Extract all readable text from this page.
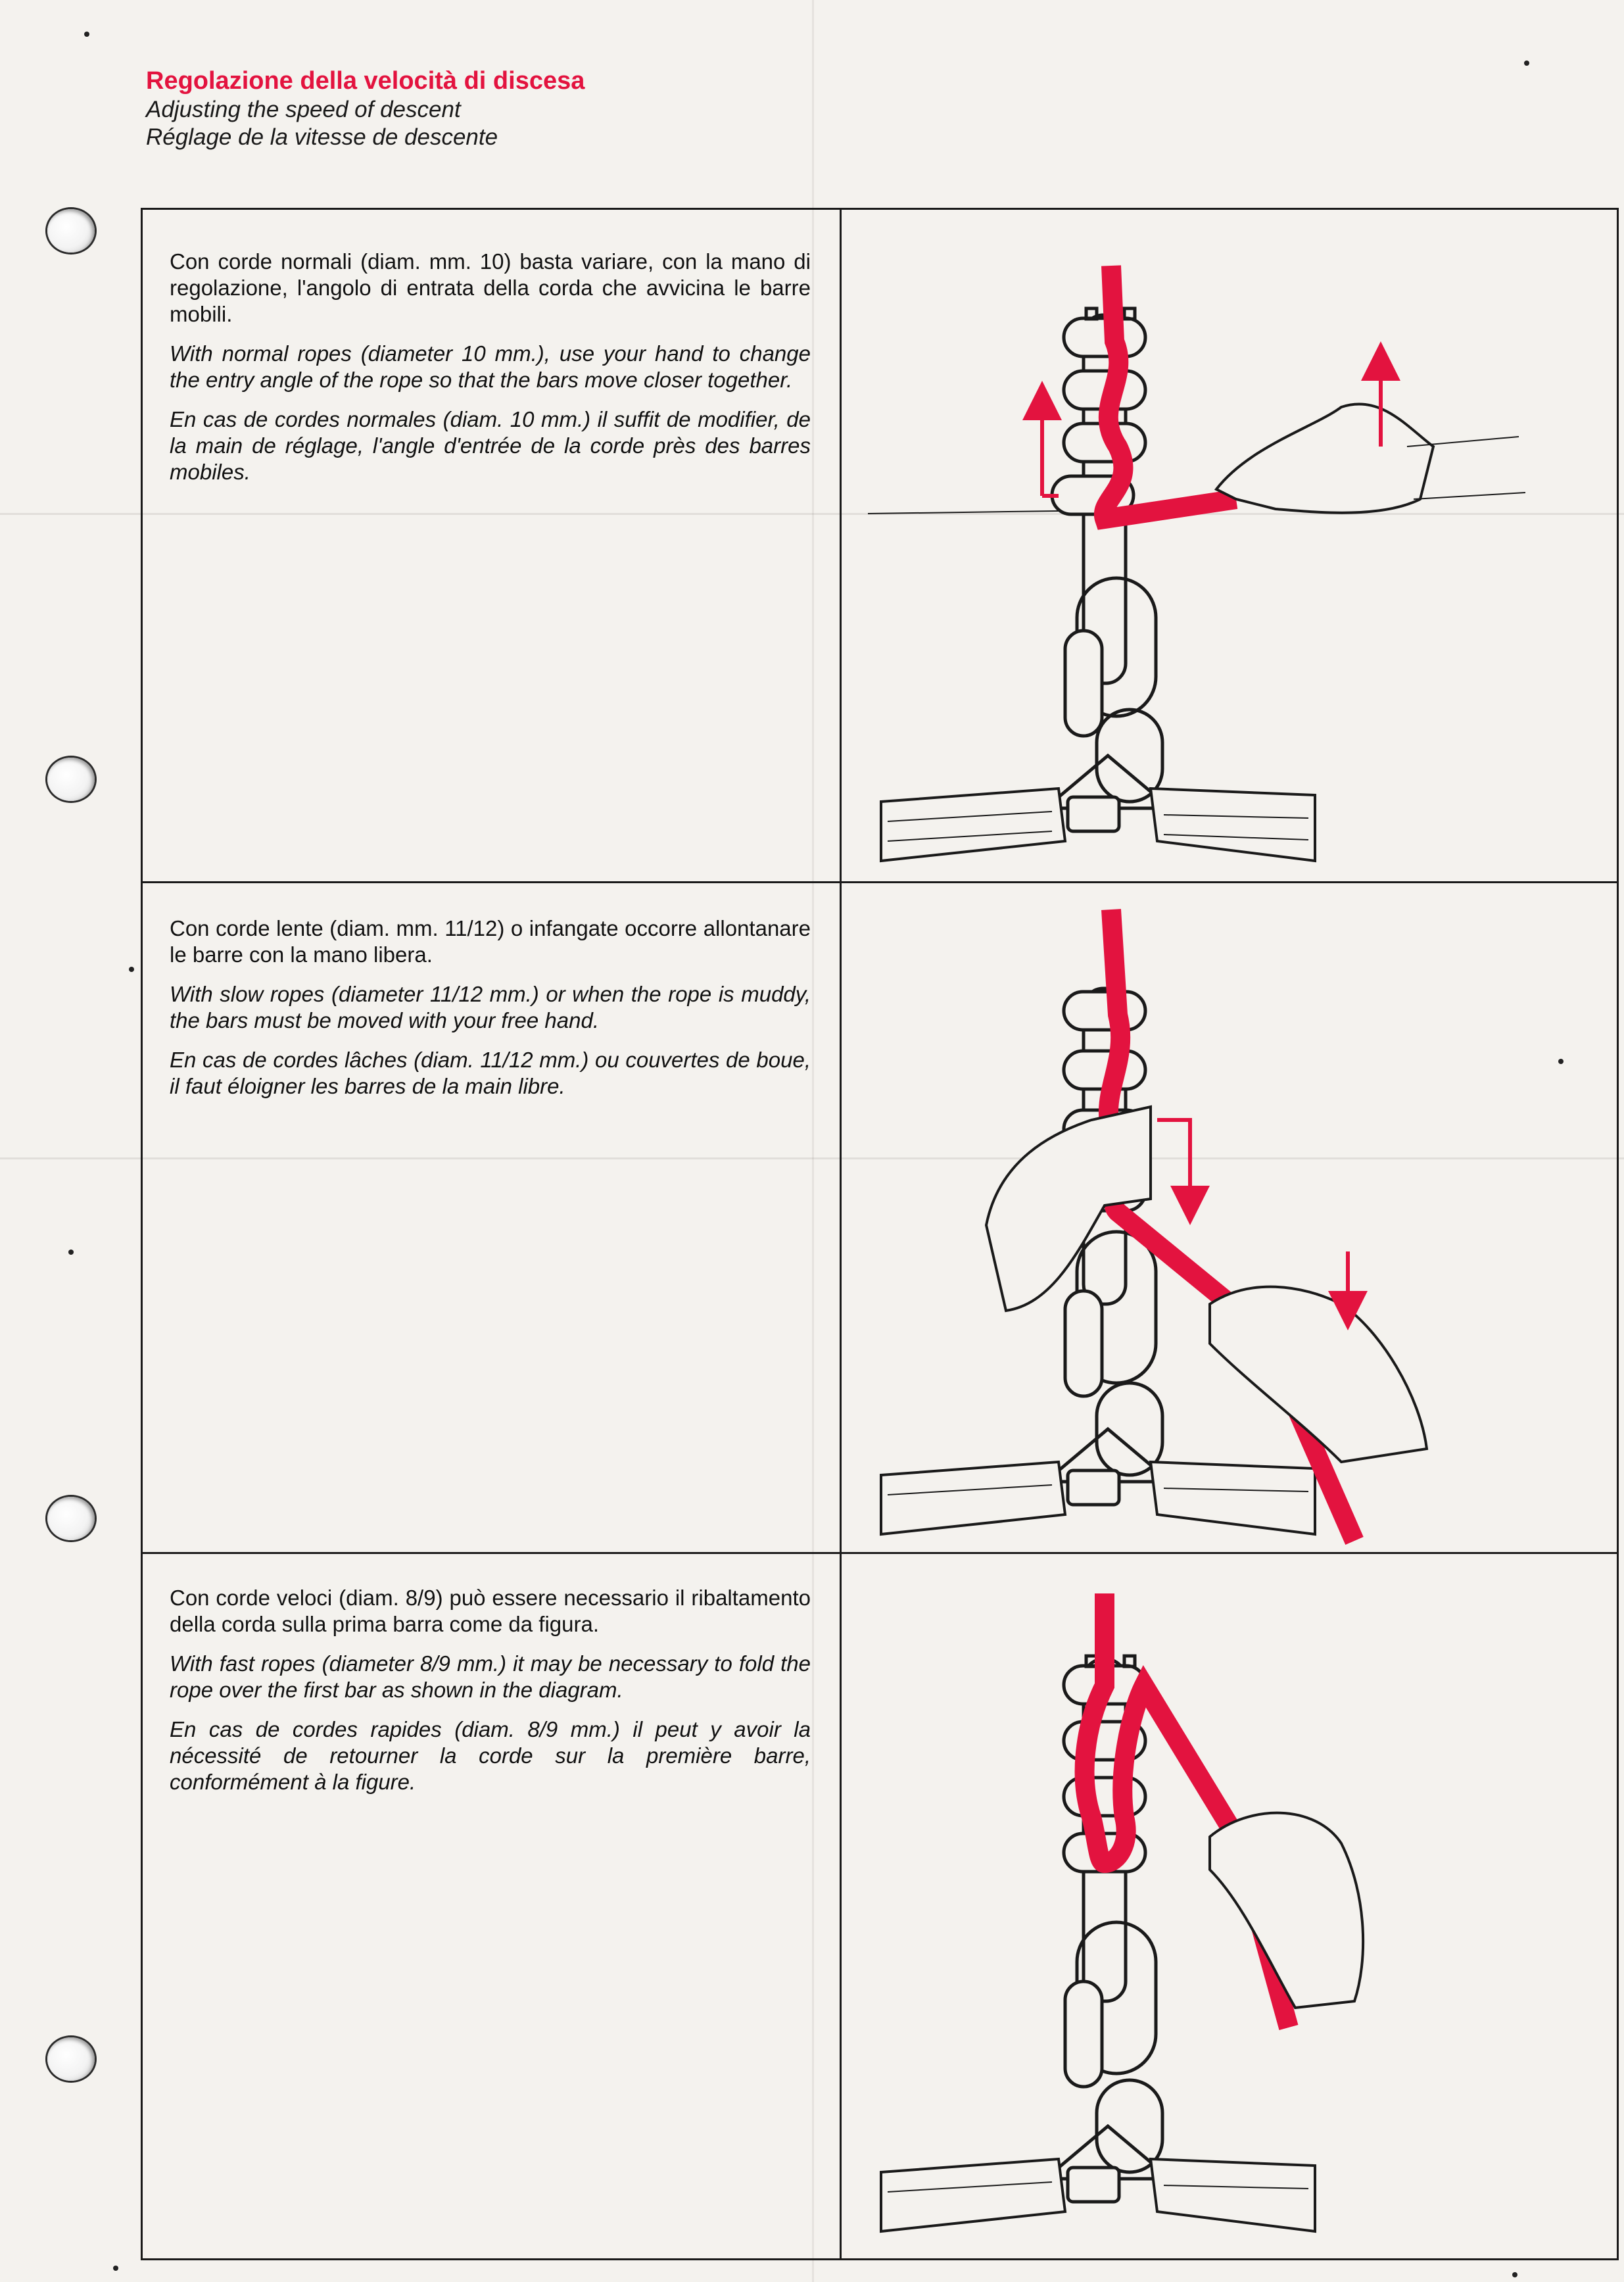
Regolazione della velocità di discesa
Adjusting the speed of descent
Réglage de la vitesse de descente

Con corde normali (diam. mm. 10) basta variare, con la mano di regolazione, l'angolo di entrata della corda che avvicina le barre mobili.

With normal ropes (diameter 10 mm.), use your hand to change the entry angle of the rope so that the bars move closer together.

En cas de cordes normales (diam. 10 mm.) il suffit de modifier, de la main de réglage, l'angle d'entrée de la corde près des barres mobiles.

Con corde lente (diam. mm. 11/12) o infangate occorre allontanare le barre con la mano libera.

With slow ropes (diameter 11/12 mm.) or when the rope is muddy, the bars must be moved with your free hand.

En cas de cordes lâches (diam. 11/12 mm.) ou couvertes de boue, il faut éloigner les barres de la main libre.

Con corde veloci (diam. 8/9) può essere necessario il ribaltamento della corda sulla prima barra come da figura.

With fast ropes (diameter 8/9 mm.) it may be necessary to fold the rope over the first bar as shown in the diagram.

En cas de cordes rapides (diam. 8/9 mm.) il peut y avoir la nécessité de retourner la corde sur la première barre, conformément à la figure.
